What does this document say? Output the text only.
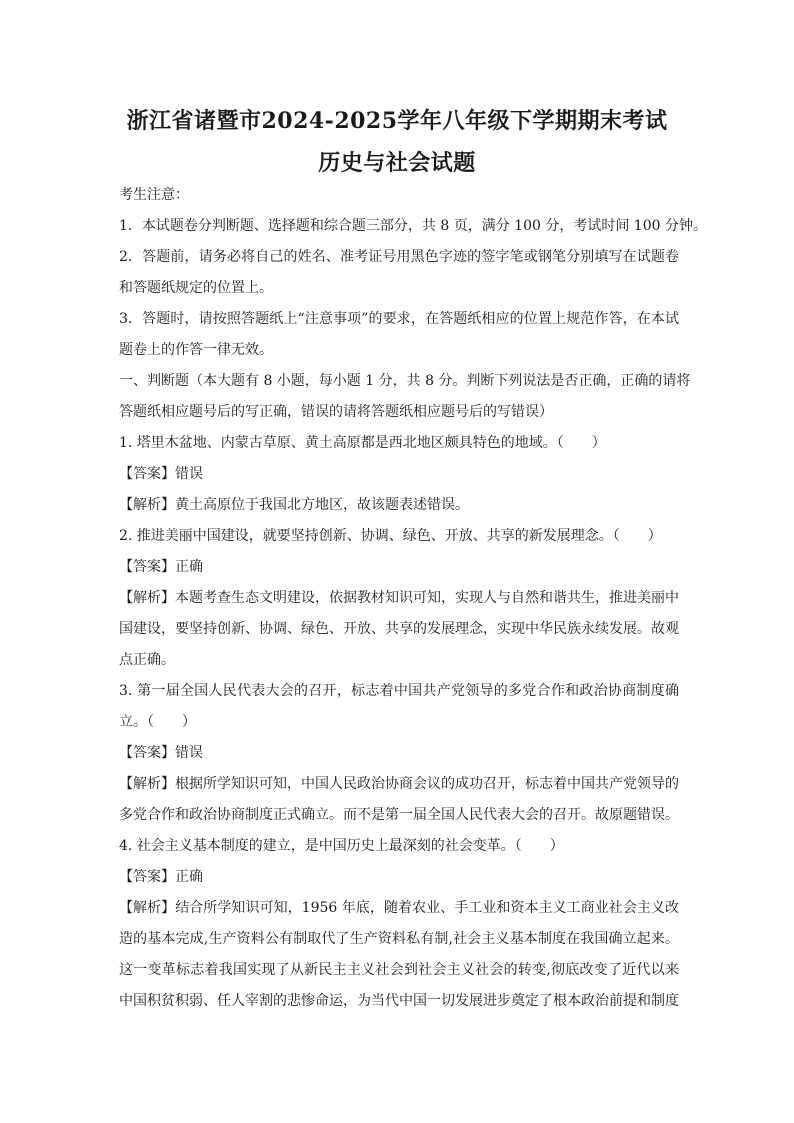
浙江省诸暨市2024-2025学年八年级下学期期末考试
历史与社会试题
考生注意：
1．本试题卷分判断题、选择题和综合题三部分，共 8 页，满分 100 分，考试时间 100 分钟。
2．答题前，请务必将自己的姓名、准考证号用黑色字迹的签字笔或钢笔分别填写在试题卷
和答题纸规定的位置上。
3．答题时，请按照答题纸上“注意事项”的要求，在答题纸相应的位置上规范作答，在本试
题卷上的作答一律无效。
一、判断题（本大题有 8 小题，每小题 1 分，共 8 分。判断下列说法是否正确，正确的请将
答题纸相应题号后的写正确，错误的请将答题纸相应题号后的写错误）
1. 塔里木盆地、内蒙古草原、黄土高原都是西北地区颇具特色的地域。（　　）
【答案】错误
【解析】黄土高原位于我国北方地区，故该题表述错误。
2. 推进美丽中国建设，就要坚持创新、协调、绿色、开放、共享的新发展理念。（　　）
【答案】正确
【解析】本题考查生态文明建设，依据教材知识可知，实现人与自然和谐共生，推进美丽中
国建设，要坚持创新、协调、绿色、开放、共享的发展理念，实现中华民族永续发展。故观
点正确。
3. 第一届全国人民代表大会的召开，标志着中国共产党领导的多党合作和政治协商制度确
立。（　　）
【答案】错误
【解析】根据所学知识可知，中国人民政治协商会议的成功召开，标志着中国共产党领导的
多党合作和政治协商制度正式确立。而不是第一届全国人民代表大会的召开。故原题错误。
4. 社会主义基本制度的建立，是中国历史上最深刻的社会变革。（　　）
【答案】正确
【解析】结合所学知识可知，1956 年底，随着农业、手工业和资本主义工商业社会主义改
造的基本完成,生产资料公有制取代了生产资料私有制,社会主义基本制度在我国确立起来。
这一变革标志着我国实现了从新民主主义社会到社会主义社会的转变,彻底改变了近代以来
中国积贫积弱、任人宰割的悲惨命运，为当代中国一切发展进步奠定了根本政治前提和制度
